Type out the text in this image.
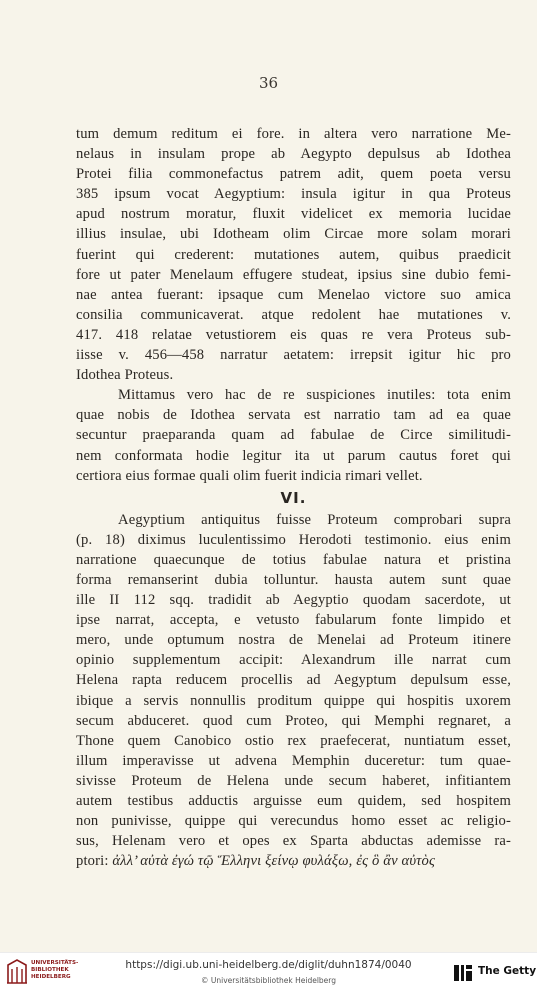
36
tum demum reditum ei fore. in altera vero narratione Me-
nelaus in insulam prope ab Aegypto depulsus ab Idothea
Protei filia commonefactus patrem adit, quem poeta versu
385 ipsum vocat Aegyptium: insula igitur in qua Proteus
apud nostrum moratur, fluxit videlicet ex memoria lucidae
illius insulae, ubi Idotheam olim Circae more solam morari
fuerint qui crederent: mutationes autem, quibus praedicit
fore ut pater Menelaum effugere studeat, ipsius sine dubio femi-
nae antea fuerant: ipsaque cum Menelao victore suo amica
consilia communicaverat. atque redolent hae mutationes v.
417. 418 relatae vetustiorem eis quas re vera Proteus sub-
iisse v. 456—458 narratur aetatem: irrepsit igitur hic pro
Idothea Proteus.
Mittamus vero hac de re suspiciones inutiles: tota enim
quae nobis de Idothea servata est narratio tam ad ea quae
secuntur praeparanda quam ad fabulae de Circe similitudi-
nem conformata hodie legitur ita ut parum cautus foret qui
certiora eius formae quali olim fuerit indicia rimari vellet.
VI.
Aegyptium antiquitus fuisse Proteum comprobari supra
(p. 18) diximus luculentissimo Herodoti testimonio. eius enim
narratione quaecunque de totius fabulae natura et pristina
forma remanserint dubia tolluntur. hausta autem sunt quae
ille II 112 sqq. tradidit ab Aegyptio quodam sacerdote, ut
ipse narrat, accepta, e vetusto fabularum fonte limpido et
mero, unde optumum nostra de Menelai ad Proteum itinere
opinio supplementum accipit: Alexandrum ille narrat cum
Helena rapta reducem procellis ad Aegyptum depulsum esse,
ibique a servis nonnullis proditum quippe qui hospitis uxorem
secum abduceret. quod cum Proteo, qui Memphi regnaret, a
Thone quem Canobico ostio rex praefecerat, nuntiatum esset,
illum imperavisse ut advena Memphin duceretur: tum quae-
sivisse Proteum de Helena unde secum haberet, infitiantem
autem testibus adductis arguisse eum quidem, sed hospitem
non punivisse, quippe qui verecundus homo esset ac religio-
sus, Helenam vero et opes ex Sparta abductas ademisse ra-
ptori: ἀλλ’ αὐτὰ ἐγώ τῷ Ἕλληνι ξείνῳ φυλάξω, ἐς ὃ ἂν αὐτὸς
UNIVERSITÄTS-
BIBLIOTHEK
HEIDELBERG
https://digi.ub.uni-heidelberg.de/diglit/duhn1874/0040
© Universitätsbibliothek Heidelberg
The Getty
